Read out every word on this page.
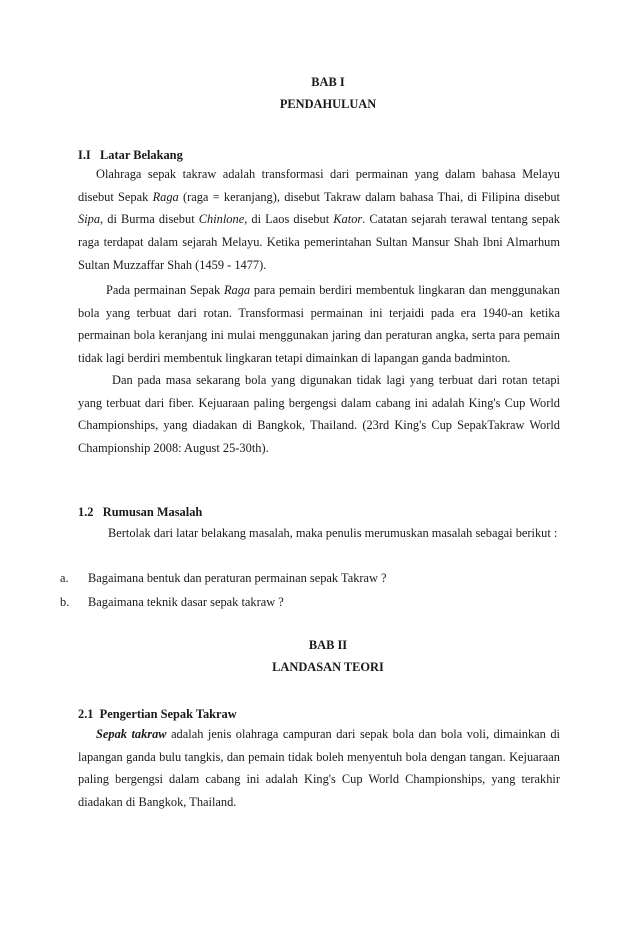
BAB I
PENDAHULUAN
I.I   Latar Belakang

Olahraga sepak takraw adalah transformasi dari permainan yang dalam bahasa Melayu disebut Sepak Raga (raga = keranjang), disebut Takraw dalam bahasa Thai, di Filipina disebut Sipa, di Burma disebut Chinlone, di Laos disebut Kator. Catatan sejarah terawal tentang sepak raga terdapat dalam sejarah Melayu. Ketika pemerintahan Sultan Mansur Shah Ibni Almarhum Sultan Muzzaffar Shah (1459 - 1477).

Pada permainan Sepak Raga para pemain berdiri membentuk lingkaran dan menggunakan bola yang terbuat dari rotan. Transformasi permainan ini terjaidi pada era 1940-an ketika permainan bola keranjang ini mulai menggunakan jaring dan peraturan angka, serta para pemain tidak lagi berdiri membentuk lingkaran tetapi dimainkan di lapangan ganda badminton.

Dan pada masa sekarang bola yang digunakan tidak lagi yang terbuat dari rotan tetapi yang terbuat dari fiber. Kejuaraan paling bergengsi dalam cabang ini adalah King's Cup World Championships, yang diadakan di Bangkok, Thailand. (23rd King's Cup SepakTakraw World Championship 2008: August 25-30th).

1.2   Rumusan Masalah

Bertolak dari latar belakang masalah, maka penulis merumuskan masalah sebagai berikut :

a. Bagaimana bentuk dan peraturan permainan sepak Takraw ?
b. Bagaimana teknik dasar sepak takraw ?
BAB II
LANDASAN TEORI
2.1  Pengertian Sepak Takraw

Sepak takraw adalah jenis olahraga campuran dari sepak bola dan bola voli, dimainkan di lapangan ganda bulu tangkis, dan pemain tidak boleh menyentuh bola dengan tangan. Kejuaraan paling bergengsi dalam cabang ini adalah King's Cup World Championships, yang terakhir diadakan di Bangkok, Thailand.
